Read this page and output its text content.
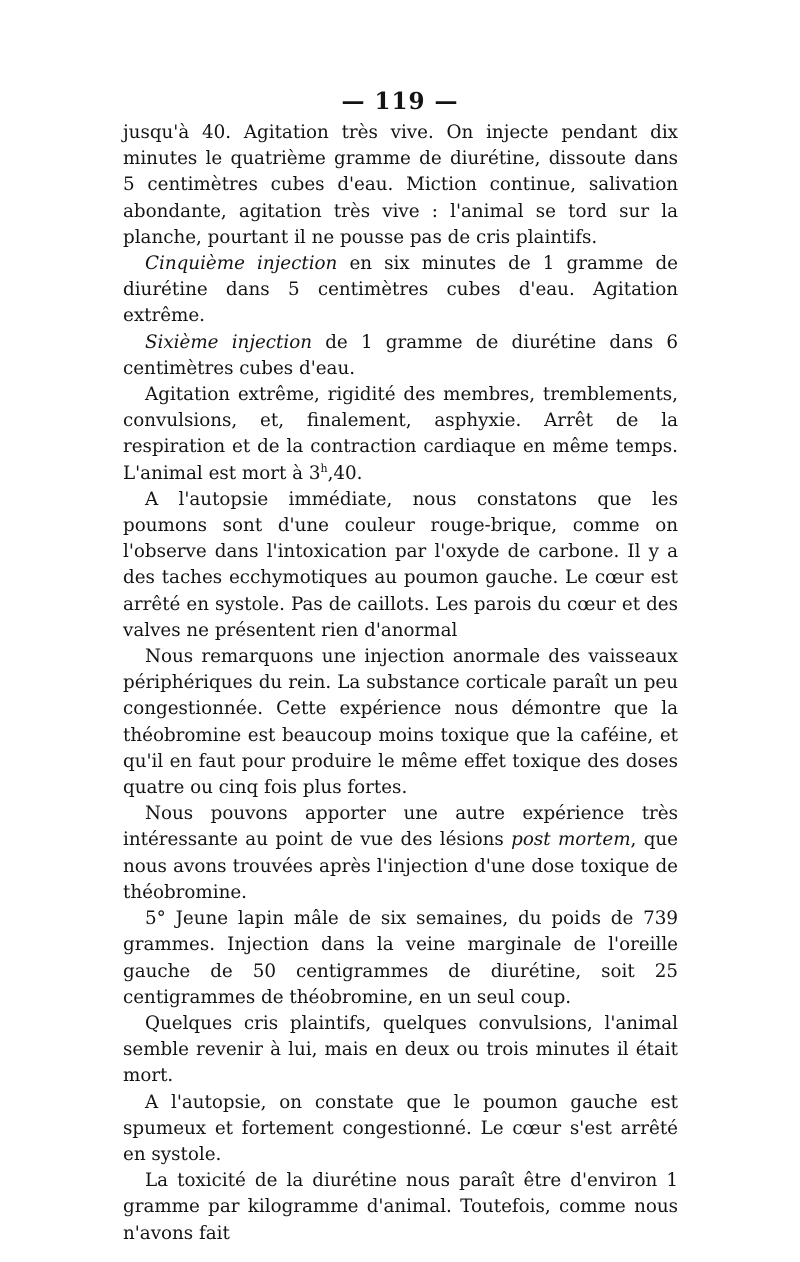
— 119 —

jusqu'à 40. Agitation très vive. On injecte pendant dix minutes le quatrième gramme de diurétine, dissoute dans 5 centimètres cubes d'eau. Miction continue, salivation abondante, agitation très vive : l'animal se tord sur la planche, pourtant il ne pousse pas de cris plaintifs.

Cinquième injection en six minutes de 1 gramme de diurétine dans 5 centimètres cubes d'eau. Agitation extrême.

Sixième injection de 1 gramme de diurétine dans 6 centimètres cubes d'eau.

Agitation extrême, rigidité des membres, tremblements, convulsions, et, finalement, asphyxie. Arrêt de la respiration et de la contraction cardiaque en même temps. L'animal est mort à 3$^h$,40.

A l'autopsie immédiate, nous constatons que les poumons sont d'une couleur rouge-brique, comme on l'observe dans l'intoxication par l'oxyde de carbone. Il y a des taches ecchymotiques au poumon gauche. Le cœur est arrêté en systole. Pas de caillots. Les parois du cœur et des valves ne présentent rien d'anormal

Nous remarquons une injection anormale des vaisseaux périphériques du rein. La substance corticale paraît un peu congestionnée. Cette expérience nous démontre que la théobromine est beaucoup moins toxique que la caféine, et qu'il en faut pour produire le même effet toxique des doses quatre ou cinq fois plus fortes.

Nous pouvons apporter une autre expérience très intéressante au point de vue des lésions post mortem, que nous avons trouvées après l'injection d'une dose toxique de théobromine.

5° Jeune lapin mâle de six semaines, du poids de 739 grammes. Injection dans la veine marginale de l'oreille gauche de 50 centigrammes de diurétine, soit 25 centigrammes de théobromine, en un seul coup.

Quelques cris plaintifs, quelques convulsions, l'animal semble revenir à lui, mais en deux ou trois minutes il était mort.

A l'autopsie, on constate que le poumon gauche est spumeux et fortement congestionné. Le cœur s'est arrêté en systole.

La toxicité de la diurétine nous paraît être d'environ 1 gramme par kilogramme d'animal. Toutefois, comme nous n'avons fait
